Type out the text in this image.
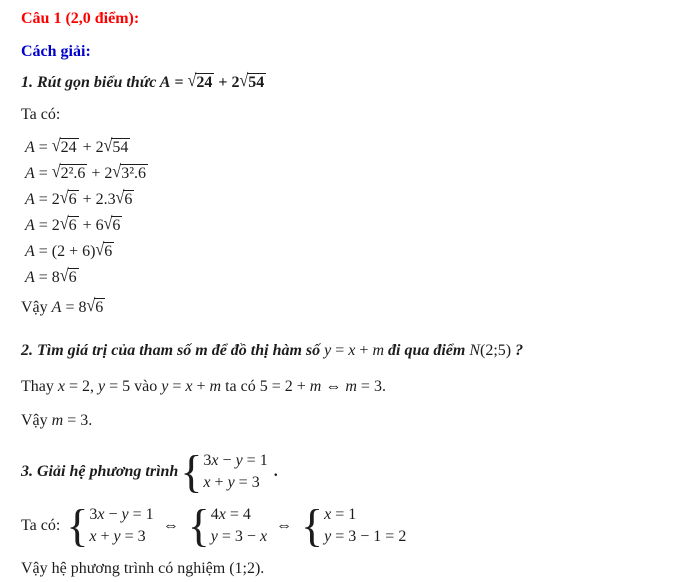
Câu 1 (2,0 điểm):
Cách giải:
1. Rút gọn biểu thức A = √24 + 2√54
Ta có:
A = √24 + 2√54
A = √2².6 + 2√3².6
A = 2√6 + 2.3√6
A = 2√6 + 6√6
A = (2 + 6)√6
A = 8√6
Vậy A = 8√6
2. Tìm giá trị của tham số m để đồ thị hàm số y = x + m đi qua điểm N(2;5) ?
Thay x = 2, y = 5 vào y = x + m ta có 5 = 2 + m ⇔ m = 3.
Vậy m = 3.
3. Giải hệ phương trình { 3x − y = 1
x + y = 3
.
Ta có: { 3x − y = 1
x + y = 3
⇔ { 4x = 4
y = 3 − x
⇔ { x = 1
y = 3 − 1 = 2
Vậy hệ phương trình có nghiệm (1;2).
